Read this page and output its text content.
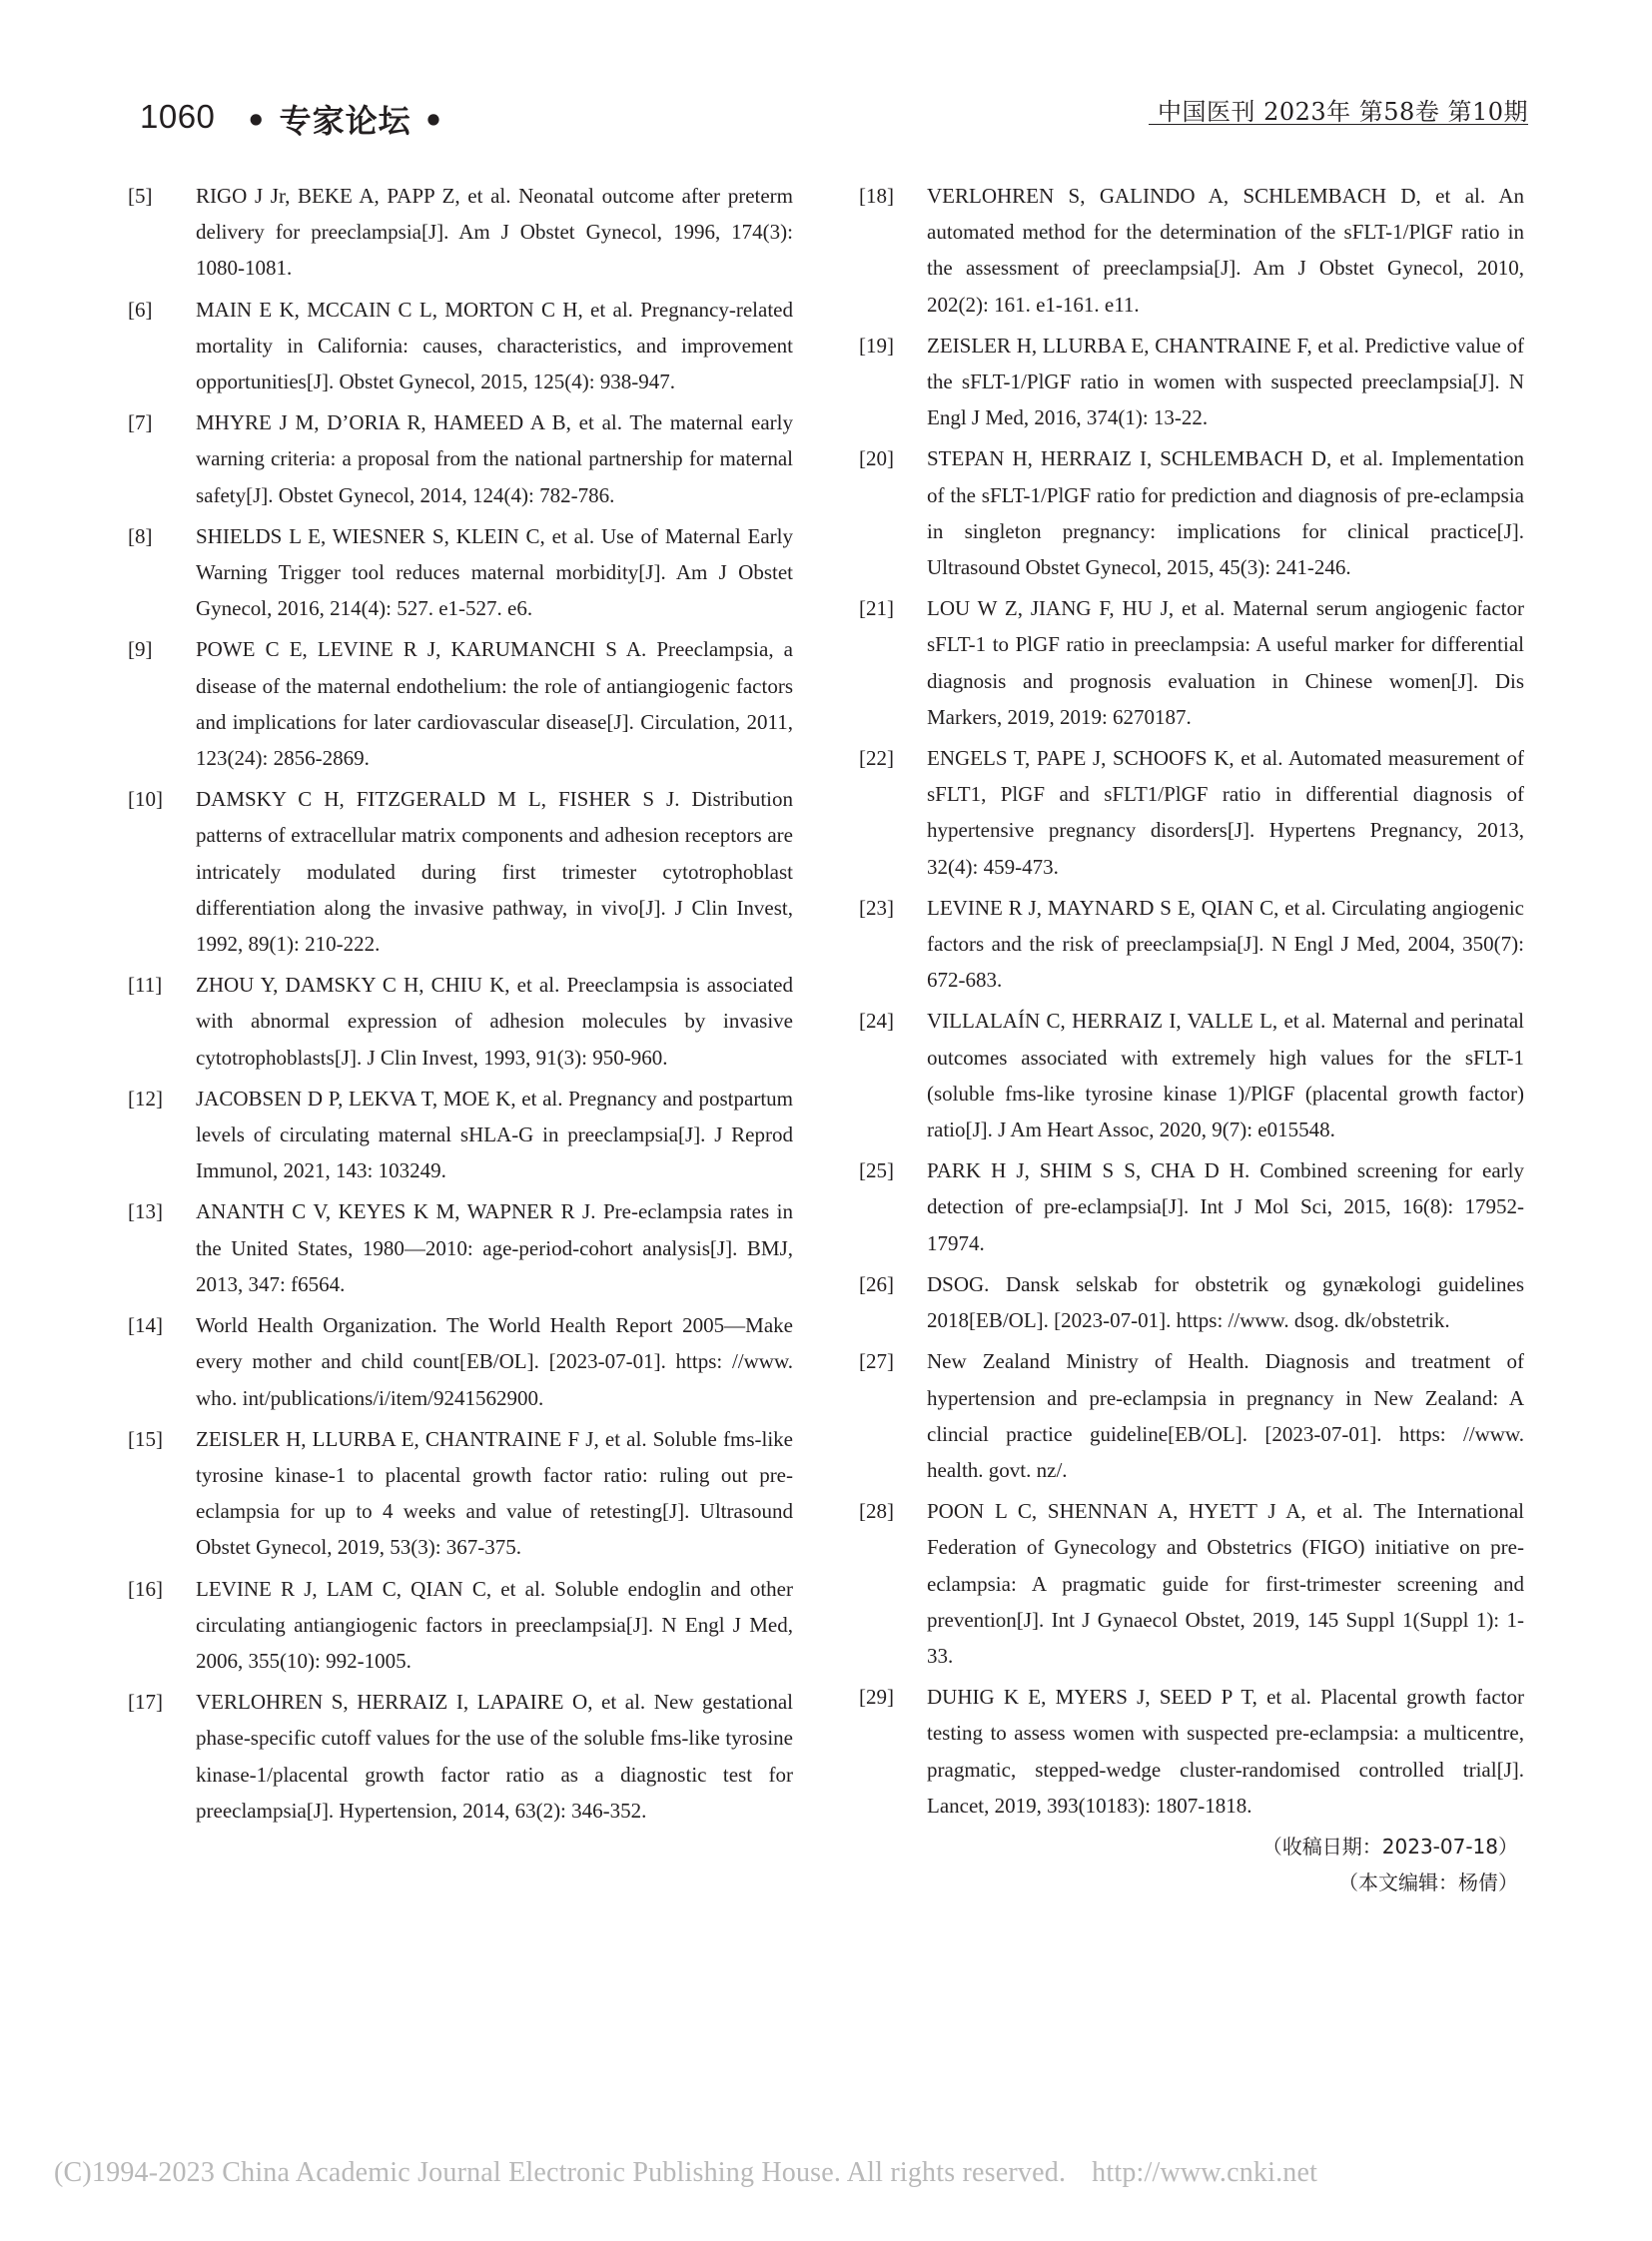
1060 • 专家论坛 •	中国医刊 2023年 第58卷 第10期
[5]	RIGO J Jr, BEKE A, PAPP Z, et al. Neonatal outcome after preterm delivery for preeclampsia[J]. Am J Obstet Gynecol, 1996, 174(3): 1080-1081.
[6]	MAIN E K, MCCAIN C L, MORTON C H, et al. Pregnancy-related mortality in California: causes, characteristics, and improvement opportunities[J]. Obstet Gynecol, 2015, 125(4): 938-947.
[7]	MHYRE J M, D’ORIA R, HAMEED A B, et al. The maternal early warning criteria: a proposal from the national partnership for maternal safety[J]. Obstet Gynecol, 2014, 124(4): 782-786.
[8]	SHIELDS L E, WIESNER S, KLEIN C, et al. Use of Maternal Early Warning Trigger tool reduces maternal morbidity[J]. Am J Obstet Gynecol, 2016, 214(4): 527. e1-527. e6.
[9]	POWE C E, LEVINE R J, KARUMANCHI S A. Preeclampsia, a disease of the maternal endothelium: the role of antiangiogenic factors and implications for later cardiovascular disease[J]. Circulation, 2011, 123(24): 2856-2869.
[10]	DAMSKY C H, FITZGERALD M L, FISHER S J. Distribution patterns of extracellular matrix components and adhesion receptors are intricately modulated during first trimester cytotrophoblast differentiation along the invasive pathway, in vivo[J]. J Clin Invest, 1992, 89(1): 210-222.
[11]	ZHOU Y, DAMSKY C H, CHIU K, et al. Preeclampsia is associated with abnormal expression of adhesion molecules by invasive cytotrophoblasts[J]. J Clin Invest, 1993, 91(3): 950-960.
[12]	JACOBSEN D P, LEKVA T, MOE K, et al. Pregnancy and postpartum levels of circulating maternal sHLA-G in preeclampsia[J]. J Reprod Immunol, 2021, 143: 103249.
[13]	ANANTH C V, KEYES K M, WAPNER R J. Pre-eclampsia rates in the United States, 1980—2010: age-period-cohort analysis[J]. BMJ, 2013, 347: f6564.
[14]	World Health Organization. The World Health Report 2005—Make every mother and child count[EB/OL]. [2023-07-01]. https: //www. who. int/publications/i/item/9241562900.
[15]	ZEISLER H, LLURBA E, CHANTRAINE F J, et al. Soluble fms-like tyrosine kinase-1 to placental growth factor ratio: ruling out pre-eclampsia for up to 4 weeks and value of retesting[J]. Ultrasound Obstet Gynecol, 2019, 53(3): 367-375.
[16]	LEVINE R J, LAM C, QIAN C, et al. Soluble endoglin and other circulating antiangiogenic factors in preeclampsia[J]. N Engl J Med, 2006, 355(10): 992-1005.
[17]	VERLOHREN S, HERRAIZ I, LAPAIRE O, et al. New gestational phase-specific cutoff values for the use of the soluble fms-like tyrosine kinase-1/placental growth factor ratio as a diagnostic test for preeclampsia[J]. Hypertension, 2014, 63(2): 346-352.
[18]	VERLOHREN S, GALINDO A, SCHLEMBACH D, et al. An automated method for the determination of the sFLT-1/PlGF ratio in the assessment of preeclampsia[J]. Am J Obstet Gynecol, 2010, 202(2): 161. e1-161. e11.
[19]	ZEISLER H, LLURBA E, CHANTRAINE F, et al. Predictive value of the sFLT-1/PlGF ratio in women with suspected preeclampsia[J]. N Engl J Med, 2016, 374(1): 13-22.
[20]	STEPAN H, HERRAIZ I, SCHLEMBACH D, et al. Implementation of the sFLT-1/PlGF ratio for prediction and diagnosis of pre-eclampsia in singleton pregnancy: implications for clinical practice[J]. Ultrasound Obstet Gynecol, 2015, 45(3): 241-246.
[21]	LOU W Z, JIANG F, HU J, et al. Maternal serum angiogenic factor sFLT-1 to PlGF ratio in preeclampsia: A useful marker for differential diagnosis and prognosis evaluation in Chinese women[J]. Dis Markers, 2019, 2019: 6270187.
[22]	ENGELS T, PAPE J, SCHOOFS K, et al. Automated measurement of sFLT1, PlGF and sFLT1/PlGF ratio in differential diagnosis of hypertensive pregnancy disorders[J]. Hypertens Pregnancy, 2013, 32(4): 459-473.
[23]	LEVINE R J, MAYNARD S E, QIAN C, et al. Circulating angiogenic factors and the risk of preeclampsia[J]. N Engl J Med, 2004, 350(7): 672-683.
[24]	VILLALAÍN C, HERRAIZ I, VALLE L, et al. Maternal and perinatal outcomes associated with extremely high values for the sFLT-1 (soluble fms-like tyrosine kinase 1)/PlGF (placental growth factor) ratio[J]. J Am Heart Assoc, 2020, 9(7): e015548.
[25]	PARK H J, SHIM S S, CHA D H. Combined screening for early detection of pre-eclampsia[J]. Int J Mol Sci, 2015, 16(8): 17952-17974.
[26]	DSOG. Dansk selskab for obstetrik og gynækologi guidelines 2018[EB/OL]. [2023-07-01]. https: //www. dsog. dk/obstetrik.
[27]	New Zealand Ministry of Health. Diagnosis and treatment of hypertension and pre-eclampsia in pregnancy in New Zealand: A clincial practice guideline[EB/OL]. [2023-07-01]. https: //www. health. govt. nz/.
[28]	POON L C, SHENNAN A, HYETT J A, et al. The International Federation of Gynecology and Obstetrics (FIGO) initiative on pre-eclampsia: A pragmatic guide for first-trimester screening and prevention[J]. Int J Gynaecol Obstet, 2019, 145 Suppl 1(Suppl 1): 1-33.
[29]	DUHIG K E, MYERS J, SEED P T, et al. Placental growth factor testing to assess women with suspected pre-eclampsia: a multicentre, pragmatic, stepped-wedge cluster-randomised controlled trial[J]. Lancet, 2019, 393(10183): 1807-1818.
（收稿日期：2023-07-18）
（本文编辑：杨倩）
(C)1994-2023 China Academic Journal Electronic Publishing House. All rights reserved. http://www.cnki.net
